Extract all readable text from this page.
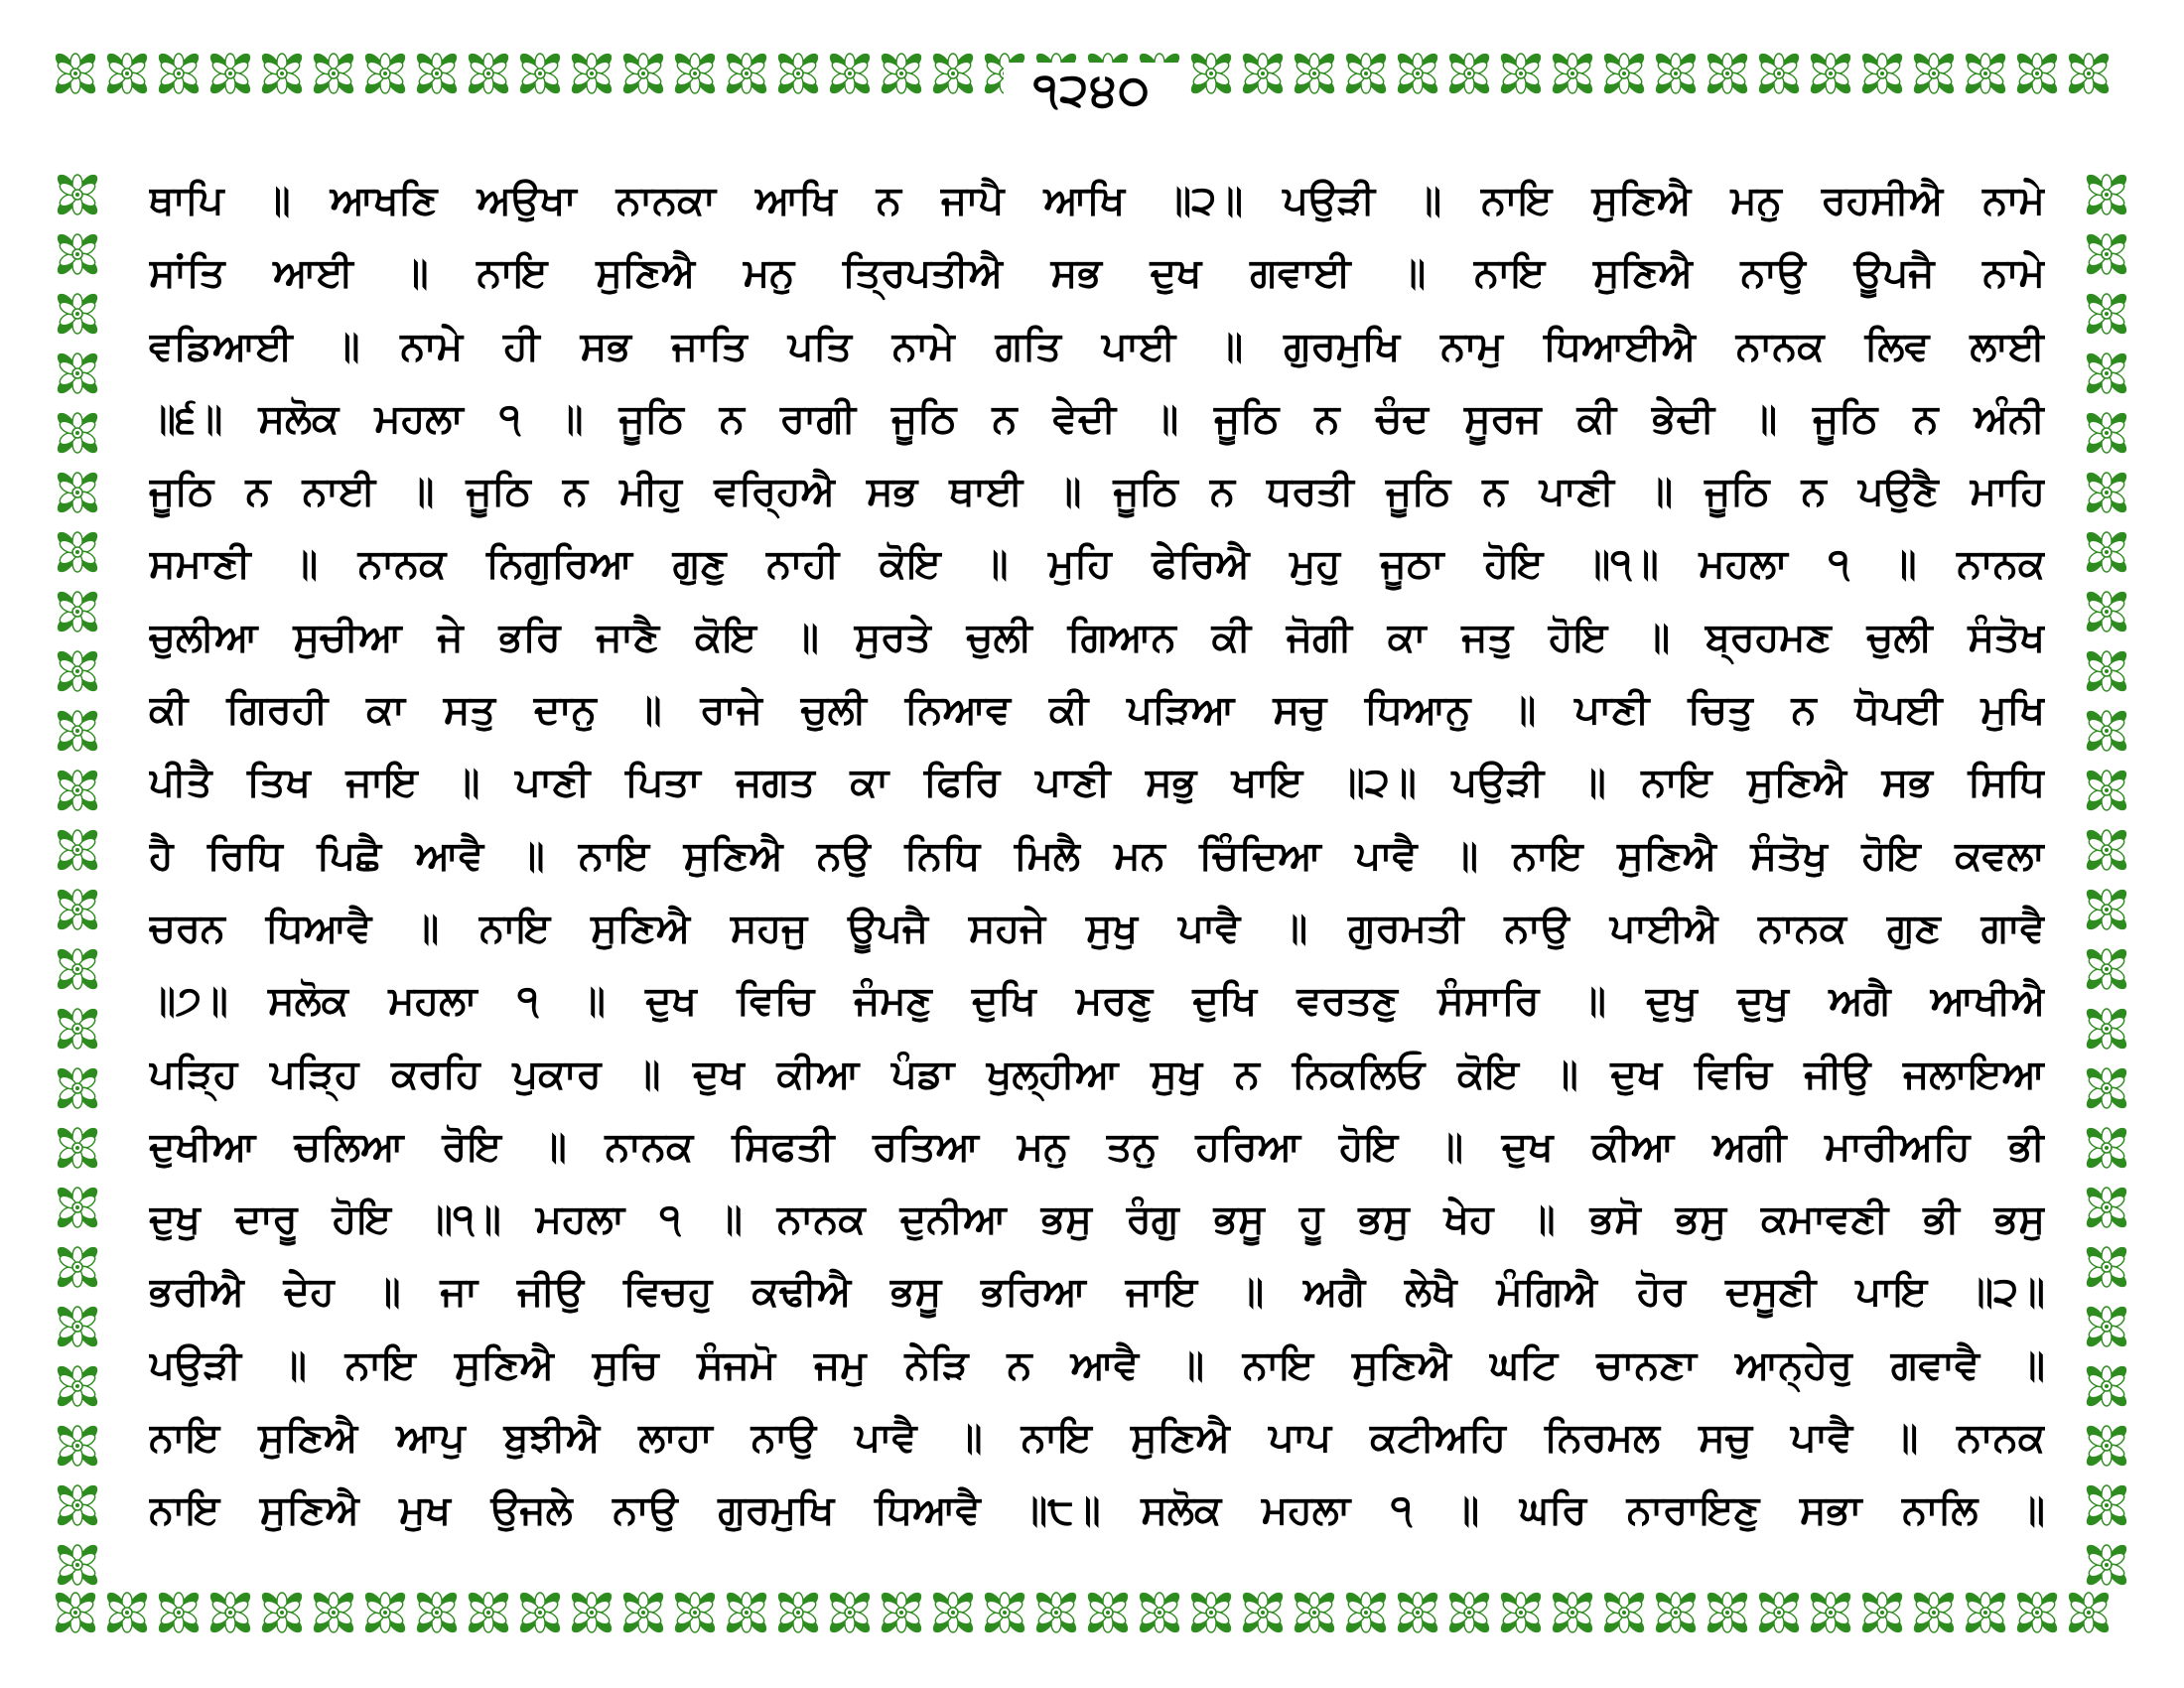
੧੨੪੦
ਥਾਪਿ ॥ ਆਖਣਿ ਅਉਖਾ ਨਾਨਕਾ ਆਖਿ ਨ ਜਾਪੈ ਆਖਿ ॥੨॥ ਪਉੜੀ ॥ ਨਾਇ ਸੁਣਿਐ ਮਨੁ ਰਹਸੀਐ ਨਾਮੇ
ਸਾਂਤਿ ਆਈ ॥ ਨਾਇ ਸੁਣਿਐ ਮਨੁ ਤ੍ਰਿਪਤੀਐ ਸਭ ਦੁਖ ਗਵਾਈ ॥ ਨਾਇ ਸੁਣਿਐ ਨਾਉ ਊਪਜੈ ਨਾਮੇ
ਵਡਿਆਈ ॥ ਨਾਮੇ ਹੀ ਸਭ ਜਾਤਿ ਪਤਿ ਨਾਮੇ ਗਤਿ ਪਾਈ ॥ ਗੁਰਮੁਖਿ ਨਾਮੁ ਧਿਆਈਐ ਨਾਨਕ ਲਿਵ ਲਾਈ
॥੬॥ ਸਲੋਕ ਮਹਲਾ ੧ ॥ ਜੂਠਿ ਨ ਰਾਗੀ ਜੂਠਿ ਨ ਵੇਦੀ ॥ ਜੂਠਿ ਨ ਚੰਦ ਸੂਰਜ ਕੀ ਭੇਦੀ ॥ ਜੂਠਿ ਨ ਅੰਨੀ
ਜੂਠਿ ਨ ਨਾਈ ॥ ਜੂਠਿ ਨ ਮੀਹੁ ਵਰ੍ਹਿਐ ਸਭ ਥਾਈ ॥ ਜੂਠਿ ਨ ਧਰਤੀ ਜੂਠਿ ਨ ਪਾਣੀ ॥ ਜੂਠਿ ਨ ਪਉਣੈ ਮਾਹਿ
ਸਮਾਣੀ ॥ ਨਾਨਕ ਨਿਗੁਰਿਆ ਗੁਣੁ ਨਾਹੀ ਕੋਇ ॥ ਮੁਹਿ ਫੇਰਿਐ ਮੁਹੁ ਜੂਠਾ ਹੋਇ ॥੧॥ ਮਹਲਾ ੧ ॥ ਨਾਨਕ
ਚੁਲੀਆ ਸੁਚੀਆ ਜੇ ਭਰਿ ਜਾਣੈ ਕੋਇ ॥ ਸੁਰਤੇ ਚੁਲੀ ਗਿਆਨ ਕੀ ਜੋਗੀ ਕਾ ਜਤੁ ਹੋਇ ॥ ਬ੍ਰਹਮਣ ਚੁਲੀ ਸੰਤੋਖ
ਕੀ ਗਿਰਹੀ ਕਾ ਸਤੁ ਦਾਨੁ ॥ ਰਾਜੇ ਚੁਲੀ ਨਿਆਵ ਕੀ ਪੜਿਆ ਸਚੁ ਧਿਆਨੁ ॥ ਪਾਣੀ ਚਿਤੁ ਨ ਧੋਪਈ ਮੁਖਿ
ਪੀਤੈ ਤਿਖ ਜਾਇ ॥ ਪਾਣੀ ਪਿਤਾ ਜਗਤ ਕਾ ਫਿਰਿ ਪਾਣੀ ਸਭੁ ਖਾਇ ॥੨॥ ਪਉੜੀ ॥ ਨਾਇ ਸੁਣਿਐ ਸਭ ਸਿਧਿ
ਹੈ ਰਿਧਿ ਪਿਛੈ ਆਵੈ ॥ ਨਾਇ ਸੁਣਿਐ ਨਉ ਨਿਧਿ ਮਿਲੈ ਮਨ ਚਿੰਦਿਆ ਪਾਵੈ ॥ ਨਾਇ ਸੁਣਿਐ ਸੰਤੋਖੁ ਹੋਇ ਕਵਲਾ
ਚਰਨ ਧਿਆਵੈ ॥ ਨਾਇ ਸੁਣਿਐ ਸਹਜੁ ਊਪਜੈ ਸਹਜੇ ਸੁਖੁ ਪਾਵੈ ॥ ਗੁਰਮਤੀ ਨਾਉ ਪਾਈਐ ਨਾਨਕ ਗੁਣ ਗਾਵੈ
॥੭॥ ਸਲੋਕ ਮਹਲਾ ੧ ॥ ਦੁਖ ਵਿਚਿ ਜੰਮਣੁ ਦੁਖਿ ਮਰਣੁ ਦੁਖਿ ਵਰਤਣੁ ਸੰਸਾਰਿ ॥ ਦੁਖੁ ਦੁਖੁ ਅਗੈ ਆਖੀਐ
ਪੜ੍ਹਿ ਪੜ੍ਹਿ ਕਰਹਿ ਪੁਕਾਰ ॥ ਦੁਖ ਕੀਆ ਪੰਡਾ ਖੁਲ੍ਹੀਆ ਸੁਖੁ ਨ ਨਿਕਲਿਓ ਕੋਇ ॥ ਦੁਖ ਵਿਚਿ ਜੀਉ ਜਲਾਇਆ
ਦੁਖੀਆ ਚਲਿਆ ਰੋਇ ॥ ਨਾਨਕ ਸਿਫਤੀ ਰਤਿਆ ਮਨੁ ਤਨੁ ਹਰਿਆ ਹੋਇ ॥ ਦੁਖ ਕੀਆ ਅਗੀ ਮਾਰੀਅਹਿ ਭੀ
ਦੁਖੁ ਦਾਰੂ ਹੋਇ ॥੧॥ ਮਹਲਾ ੧ ॥ ਨਾਨਕ ਦੁਨੀਆ ਭਸੁ ਰੰਗੁ ਭਸੂ ਹੂ ਭਸੁ ਖੇਹ ॥ ਭਸੋ ਭਸੁ ਕਮਾਵਣੀ ਭੀ ਭਸੁ
ਭਰੀਐ ਦੇਹ ॥ ਜਾ ਜੀਉ ਵਿਚਹੁ ਕਢੀਐ ਭਸੂ ਭਰਿਆ ਜਾਇ ॥ ਅਗੈ ਲੇਖੈ ਮੰਗਿਐ ਹੋਰ ਦਸੂਣੀ ਪਾਇ ॥੨॥
ਪਉੜੀ ॥ ਨਾਇ ਸੁਣਿਐ ਸੁਚਿ ਸੰਜਮੋ ਜਮੁ ਨੇੜਿ ਨ ਆਵੈ ॥ ਨਾਇ ਸੁਣਿਐ ਘਟਿ ਚਾਨਣਾ ਆਨ੍ਹੇਰੁ ਗਵਾਵੈ ॥
ਨਾਇ ਸੁਣਿਐ ਆਪੁ ਬੁਝੀਐ ਲਾਹਾ ਨਾਉ ਪਾਵੈ ॥ ਨਾਇ ਸੁਣਿਐ ਪਾਪ ਕਟੀਅਹਿ ਨਿਰਮਲ ਸਚੁ ਪਾਵੈ ॥ ਨਾਨਕ
ਨਾਇ ਸੁਣਿਐ ਮੁਖ ਉਜਲੇ ਨਾਉ ਗੁਰਮੁਖਿ ਧਿਆਵੈ ॥੮॥ ਸਲੋਕ ਮਹਲਾ ੧ ॥ ਘਰਿ ਨਾਰਾਇਣੁ ਸਭਾ ਨਾਲਿ ॥
